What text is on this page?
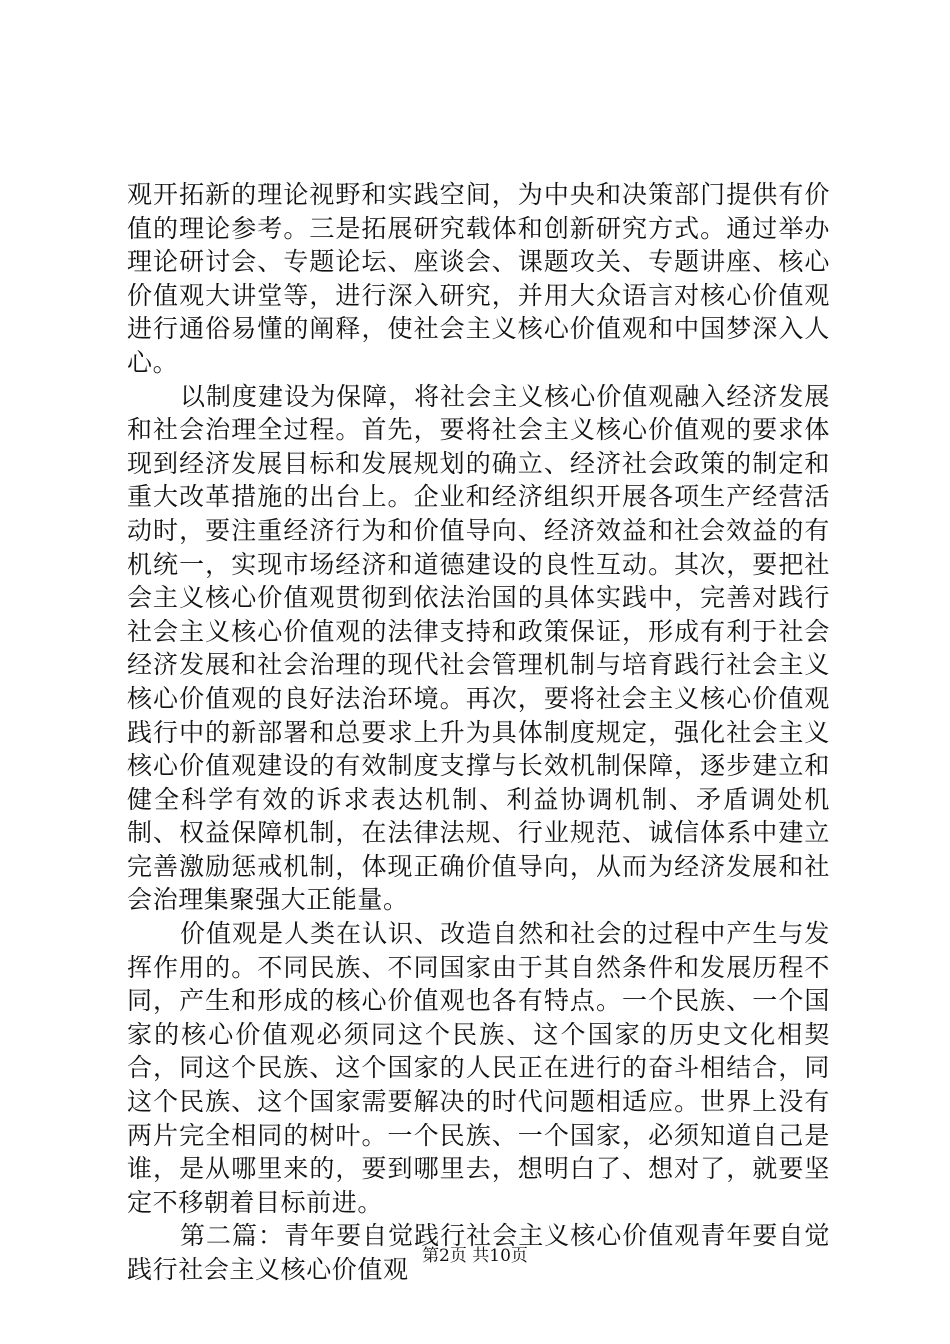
观开拓新的理论视野和实践空间，为中央和决策部门提供有价值的理论参考。三是拓展研究载体和创新研究方式。通过举办理论研讨会、专题论坛、座谈会、课题攻关、专题讲座、核心价值观大讲堂等，进行深入研究，并用大众语言对核心价值观进行通俗易懂的阐释，使社会主义核心价值观和中国梦深入人心。

以制度建设为保障，将社会主义核心价值观融入经济发展和社会治理全过程。首先，要将社会主义核心价值观的要求体现到经济发展目标和发展规划的确立、经济社会政策的制定和重大改革措施的出台上。企业和经济组织开展各项生产经营活动时，要注重经济行为和价值导向、经济效益和社会效益的有机统一，实现市场经济和道德建设的良性互动。其次，要把社会主义核心价值观贯彻到依法治国的具体实践中，完善对践行社会主义核心价值观的法律支持和政策保证，形成有利于社会经济发展和社会治理的现代社会管理机制与培育践行社会主义核心价值观的良好法治环境。再次，要将社会主义核心价值观践行中的新部署和总要求上升为具体制度规定，强化社会主义核心价值观建设的有效制度支撑与长效机制保障，逐步建立和健全科学有效的诉求表达机制、利益协调机制、矛盾调处机制、权益保障机制，在法律法规、行业规范、诚信体系中建立完善激励惩戒机制，体现正确价值导向，从而为经济发展和社会治理集聚强大正能量。

价值观是人类在认识、改造自然和社会的过程中产生与发挥作用的。不同民族、不同国家由于其自然条件和发展历程不同，产生和形成的核心价值观也各有特点。一个民族、一个国家的核心价值观必须同这个民族、这个国家的历史文化相契合，同这个民族、这个国家的人民正在进行的奋斗相结合，同这个民族、这个国家需要解决的时代问题相适应。世界上没有两片完全相同的树叶。一个民族、一个国家，必须知道自己是谁，是从哪里来的，要到哪里去，想明白了、想对了，就要坚定不移朝着目标前进。

第二篇：青年要自觉践行社会主义核心价值观青年要自觉践行社会主义核心价值观 第2页 共10页
